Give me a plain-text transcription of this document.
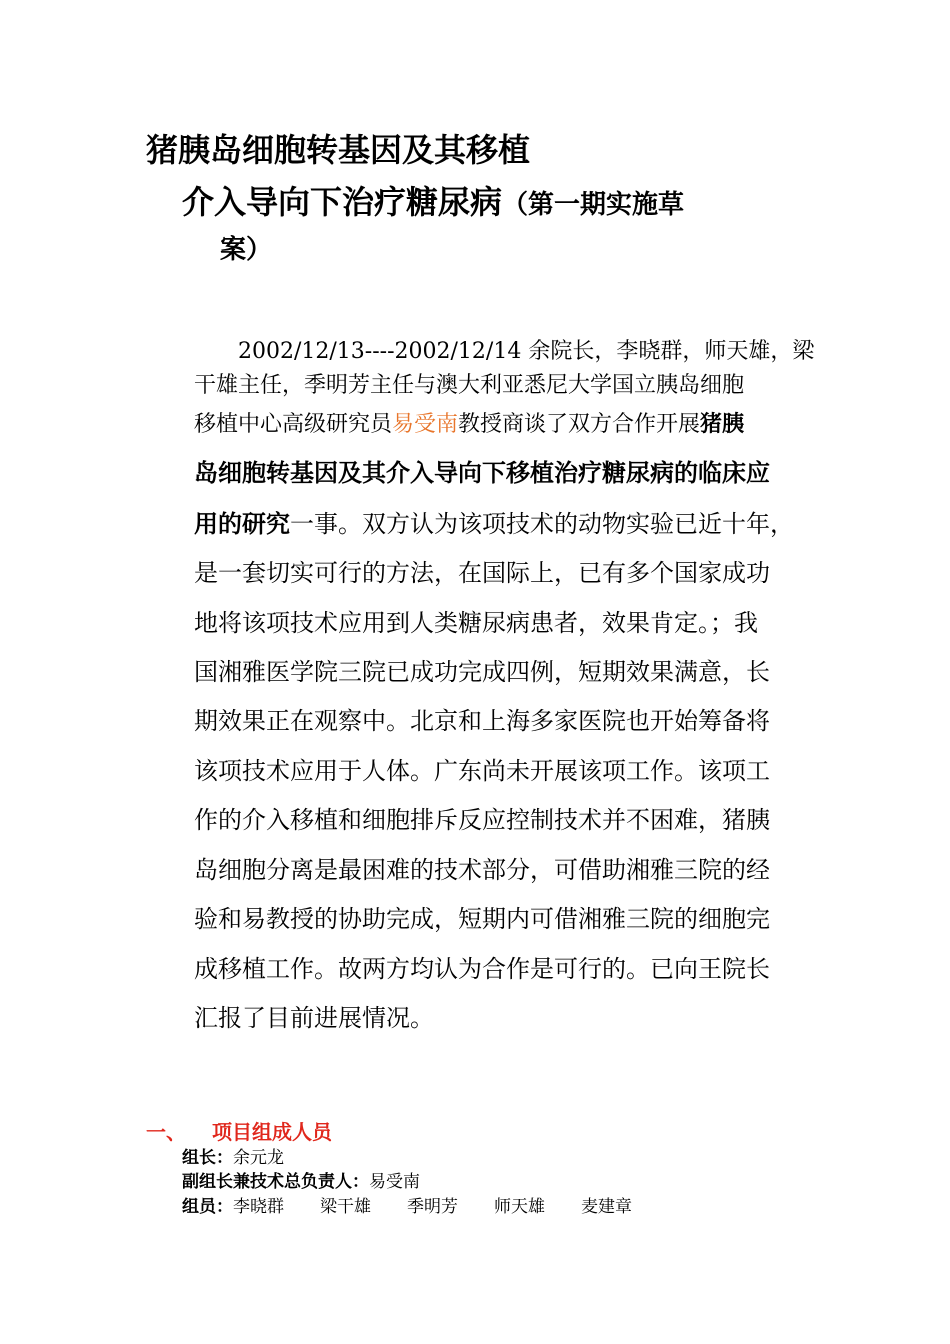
猪胰岛细胞转基因及其移植
介入导向下治疗糖尿病（第一期实施草
案）
2002/12/13----2002/12/14 余院长，李晓群，师天雄，梁
干雄主任，季明芳主任与澳大利亚悉尼大学国立胰岛细胞
移植中心高级研究员易受南教授商谈了双方合作开展猪胰
岛细胞转基因及其介入导向下移植治疗糖尿病的临床应
用的研究一事。双方认为该项技术的动物实验已近十年，
是一套切实可行的方法，在国际上，已有多个国家成功
地将该项技术应用到人类糖尿病患者，效果肯定。；我
国湘雅医学院三院已成功完成四例，短期效果满意，长
期效果正在观察中。北京和上海多家医院也开始筹备将
该项技术应用于人体。广东尚未开展该项工作。该项工
作的介入移植和细胞排斥反应控制技术并不困难，猪胰
岛细胞分离是最困难的技术部分，可借助湘雅三院的经
验和易教授的协助完成，短期内可借湘雅三院的细胞完
成移植工作。故两方均认为合作是可行的。已向王院长
汇报了目前进展情况。
一、 项目组成人员
组长：余元龙
副组长兼技术总负责人：易受南
组员：李晓群 梁干雄 季明芳 师天雄 麦建章
